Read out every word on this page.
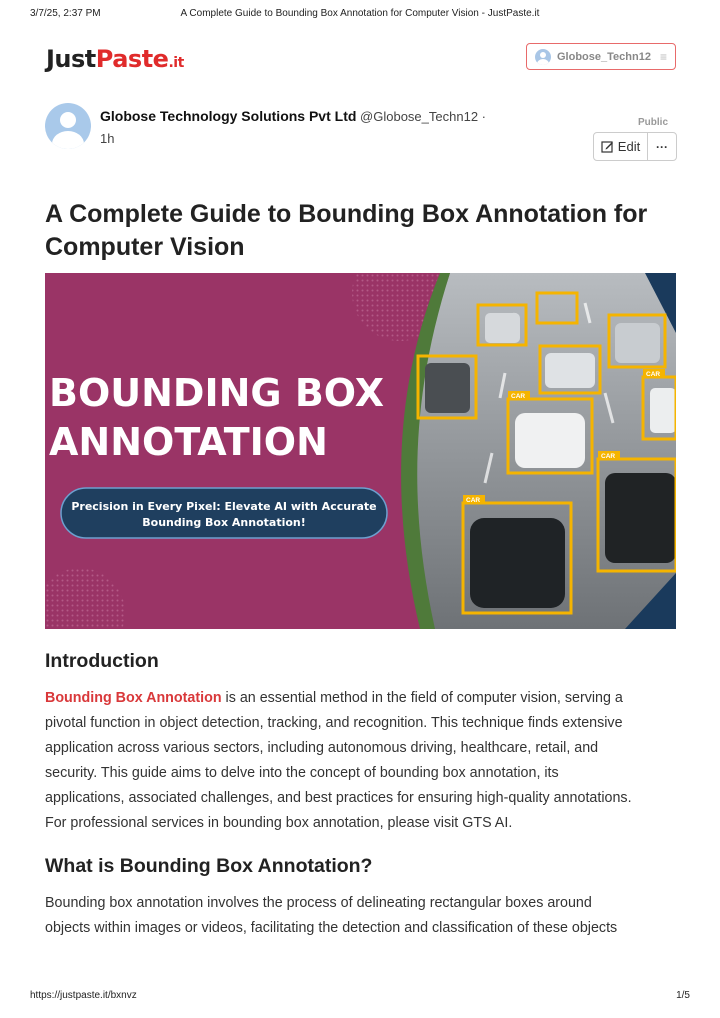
3/7/25, 2:37 PM	A Complete Guide to Bounding Box Annotation for Computer Vision - JustPaste.it
JustPaste.it	Globose_Techn12 ≡
Globose Technology Solutions Pvt Ltd @Globose_Techn12 ·
1h
Public
Edit ···
A Complete Guide to Bounding Box Annotation for Computer Vision
CAR
CAR
CAR
CAR
BOUNDING BOX
ANNOTATION
Precision in Every Pixel: Elevate AI with Accurate
Bounding Box Annotation!
Introduction
Bounding Box Annotation is an essential method in the field of computer vision, serving a
pivotal function in object detection, tracking, and recognition. This technique finds extensive
application across various sectors, including autonomous driving, healthcare, retail, and
security. This guide aims to delve into the concept of bounding box annotation, its
applications, associated challenges, and best practices for ensuring high-quality annotations.
For professional services in bounding box annotation, please visit GTS AI.
What is Bounding Box Annotation?
Bounding box annotation involves the process of delineating rectangular boxes around
objects within images or videos, facilitating the detection and classification of these objects
https://justpaste.it/bxnvz	1/5
